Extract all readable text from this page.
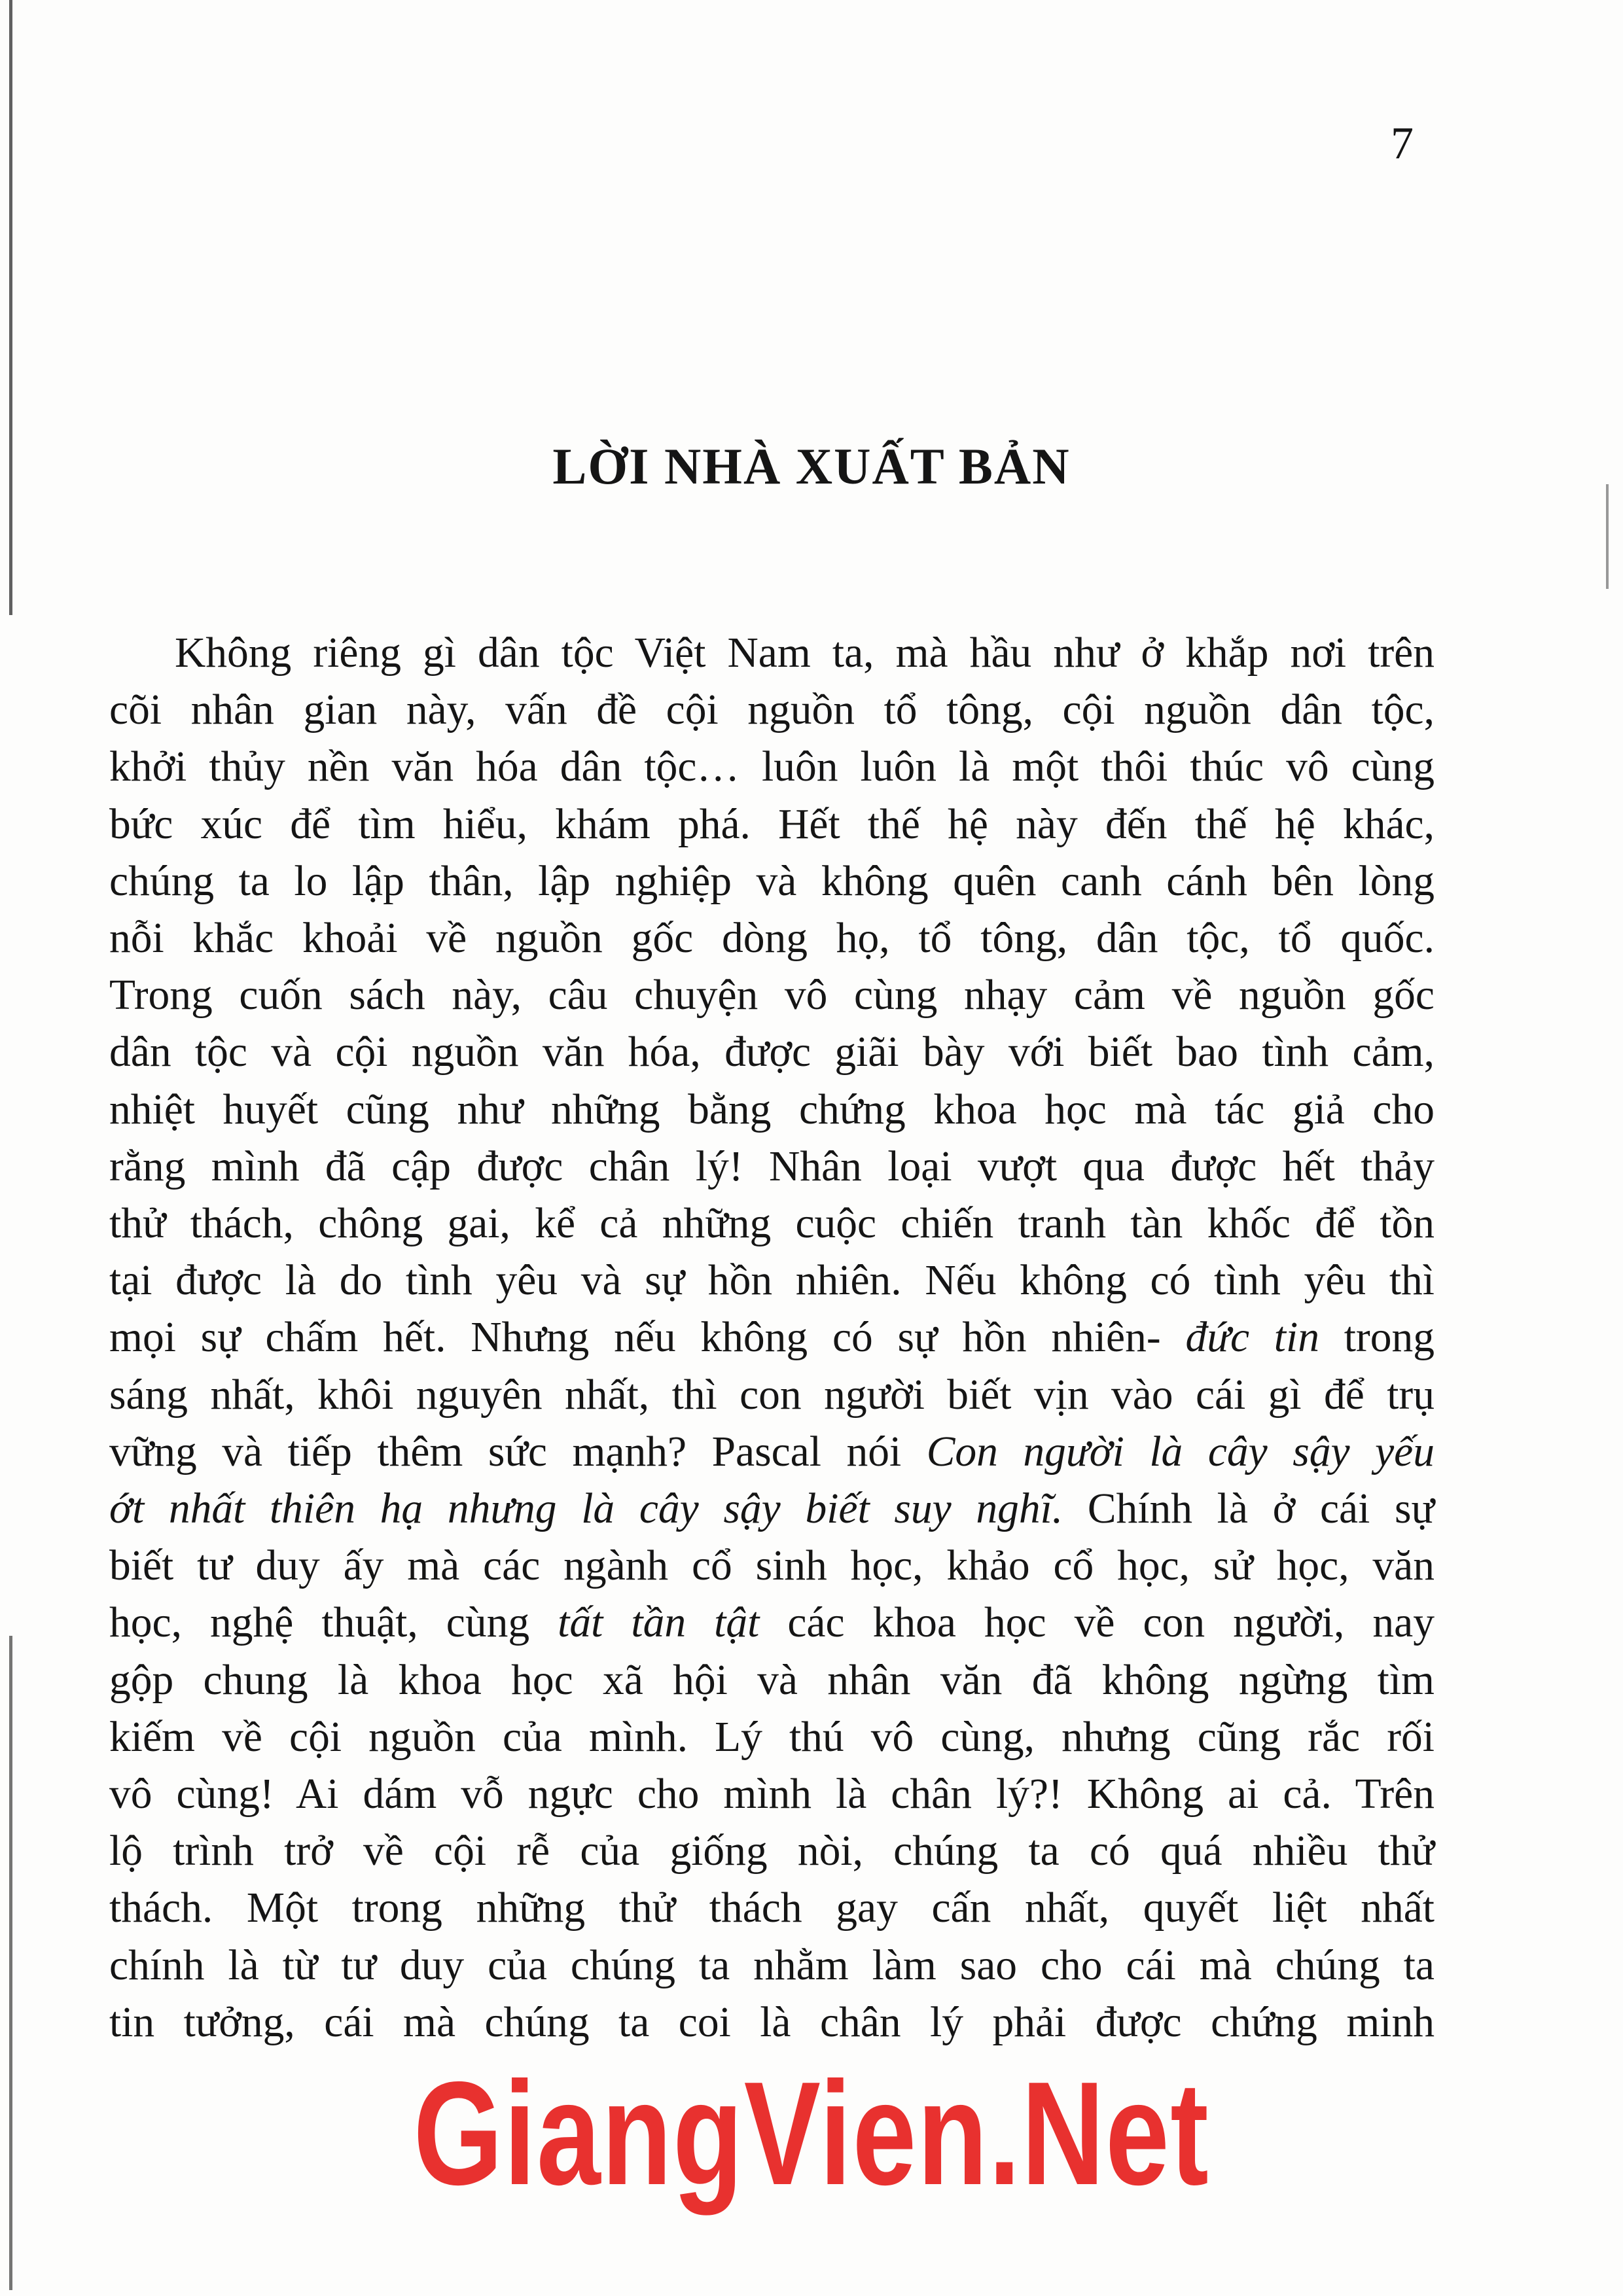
7
LỜI NHÀ XUẤT BẢN
Không riêng gì dân tộc Việt Nam ta, mà hầu như ở khắp nơi trên
cõi nhân gian này, vấn đề cội nguồn tổ tông, cội nguồn dân tộc,
khởi thủy nền văn hóa dân tộc… luôn luôn là một thôi thúc vô cùng
bức xúc để tìm hiểu, khám phá. Hết thế hệ này đến thế hệ khác,
chúng ta lo lập thân, lập nghiệp và không quên canh cánh bên lòng
nỗi khắc khoải về nguồn gốc dòng họ, tổ tông, dân tộc, tổ quốc.
Trong cuốn sách này, câu chuyện vô cùng nhạy cảm về nguồn gốc
dân tộc và cội nguồn văn hóa, được giãi bày với biết bao tình cảm,
nhiệt huyết cũng như những bằng chứng khoa học mà tác giả cho
rằng mình đã cập được chân lý! Nhân loại vượt qua được hết thảy
thử thách, chông gai, kể cả những cuộc chiến tranh tàn khốc để tồn
tại được là do tình yêu và sự hồn nhiên. Nếu không có tình yêu thì
mọi sự chấm hết. Nhưng nếu không có sự hồn nhiên- đức tin trong
sáng nhất, khôi nguyên nhất, thì con người biết vịn vào cái gì để trụ
vững và tiếp thêm sức mạnh? Pascal nói Con người là cây sậy yếu
ớt nhất thiên hạ nhưng là cây sậy biết suy nghĩ. Chính là ở cái sự
biết tư duy ấy mà các ngành cổ sinh học, khảo cổ học, sử học, văn
học, nghệ thuật, cùng tất tần tật các khoa học về con người, nay
gộp chung là khoa học xã hội và nhân văn đã không ngừng tìm
kiếm về cội nguồn của mình. Lý thú vô cùng, nhưng cũng rắc rối
vô cùng! Ai dám vỗ ngực cho mình là chân lý?! Không ai cả. Trên
lộ trình trở về cội rễ của giống nòi, chúng ta có quá nhiều thử
thách. Một trong những thử thách gay cấn nhất, quyết liệt nhất
chính là từ tư duy của chúng ta nhằm làm sao cho cái mà chúng ta
tin tưởng, cái mà chúng ta coi là chân lý phải được chứng minh
GiangVien.Net
